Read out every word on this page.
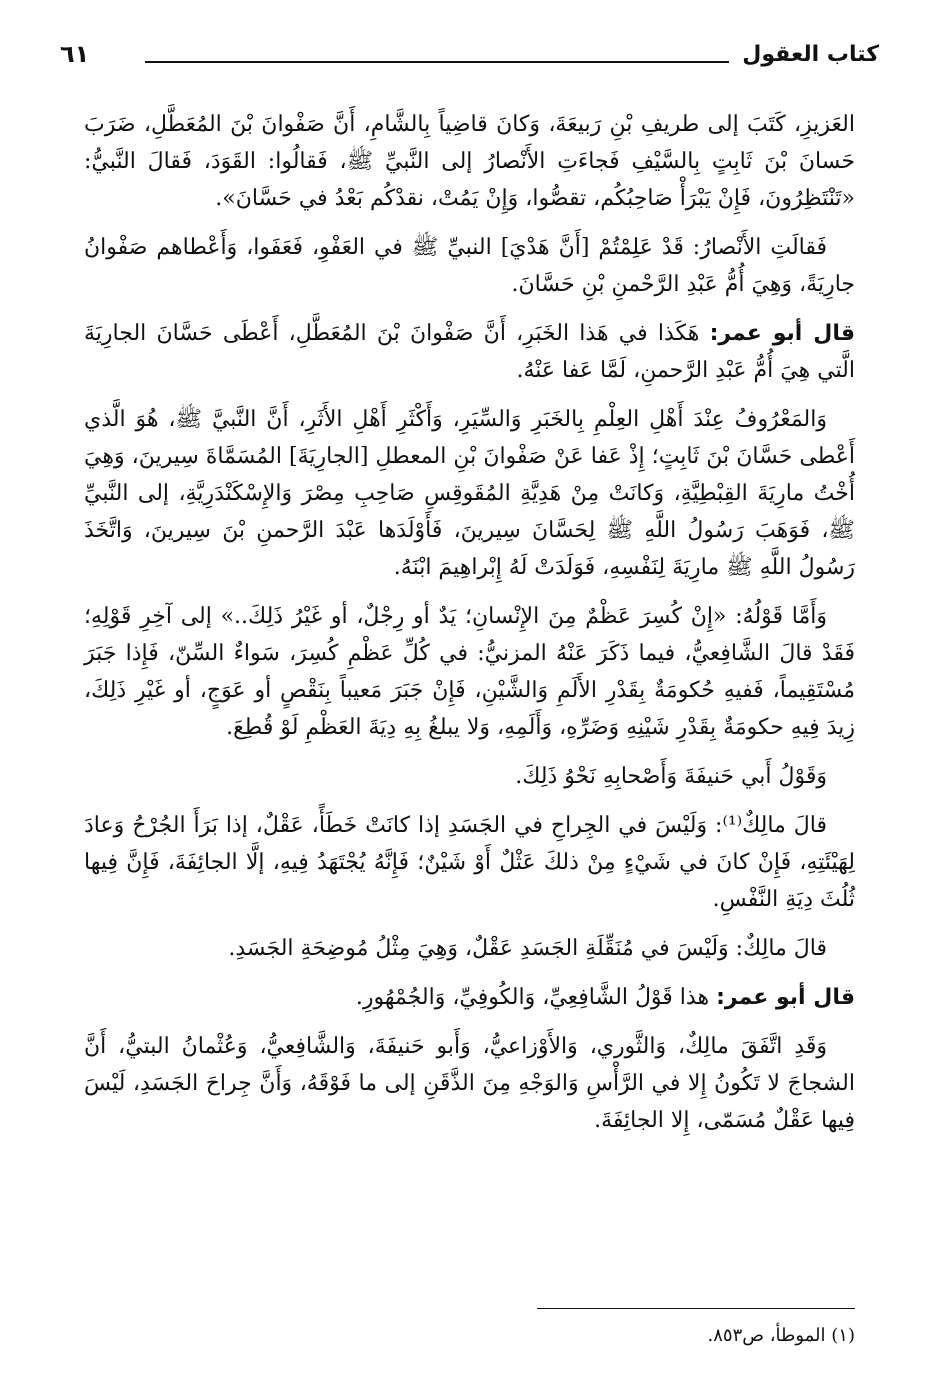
كتاب العقول
٦١

العَزيزِ، كَتَبَ إلى طريفِ بْنِ رَبيعَةَ، وَكانَ قاضِياً بِالشَّامِ، أَنَّ صَفْوانَ بْنَ المُعَطَّلِ، ضَرَبَ حَسانَ بْنَ ثَابِتٍ بِالسَّيْفِ فَجاءَتِ الأَنْصارُ إلى النَّبيِّ ﷺ، فَقالُوا: القَوَدَ، فَقالَ النَّبيُّ: «تَنْتَظِرُونَ، فَإِنْ يَبْرَأْ صَاحِبُكُم، تقصُّوا، وَإِنْ يَمُتْ، نقدْكُم بَعْدُ في حَسَّانَ».

فَقالَتِ الأَنْصارُ: قَدْ عَلِمْتُمْ [أَنَّ هَدْيَ] النبيِّ ﷺ في العَفْوِ، فَعَفَوا، وَأَعْطاهم صَفْوانُ جارِيَةً، وَهِيَ أُمُّ عَبْدِ الرَّحْمنِ بْنِ حَسَّانَ.

قال أبو عمر: هَكَذا في هَذا الخَبَرِ، أَنَّ صَفْوانَ بْنَ المُعَطَّلِ، أَعْطَى حَسَّانَ الجارِيَةَ الَّتي هِيَ أُمُّ عَبْدِ الرَّحمنِ، لَمَّا عَفا عَنْهُ.

وَالمَعْرُوفُ عِنْدَ أَهْلِ العِلْمِ بِالخَبَرِ وَالسِّيَرِ، وَأَكْثَرِ أَهْلِ الأَثَرِ، أَنَّ النَّبيَّ ﷺ، هُوَ الَّذي أَعْطى حَسَّانَ بْنَ ثَابِتٍ؛ إِذْ عَفا عَنْ صَفْوانَ بْنِ المعطلِ [الجارِيَةَ] المُسَمَّاةَ سِيرينَ، وَهِيَ أُخْتُ مارِيَةَ القِبْطِيَّةِ، وَكانَتْ مِنْ هَدِيَّةِ المُقَوقِسِ صَاحِبِ مِصْرَ وَالإِسْكَنْدَرِيَّةِ، إلى النَّبيِّ ﷺ، فَوَهَبَ رَسُولُ اللَّهِ ﷺ لِحَسَّانَ سِيرينَ، فَأَوْلَدَها عَبْدَ الرَّحمنِ بْنَ سِيرينَ، وَاتَّخَذَ رَسُولُ اللَّهِ ﷺ مارِيَةَ لِنَفْسِهِ، فَوَلَدَتْ لَهُ إِبْراهِيمَ ابْنَهُ.

وَأَمَّا قَوْلُهُ: «إِنْ كُسِرَ عَظْمٌ مِنَ الإِنْسانِ؛ يَدٌ أو رِجْلٌ، أو غَيْرُ ذَلِكَ..» إلى آخِرِ قَوْلِهِ؛ فَقَدْ قالَ الشَّافِعيُّ، فيما ذَكَرَ عَنْهُ المزنيُّ: في كُلِّ عَظْمِ كُسِرَ، سَواءٌ السِّنّ، فَإِذا جَبَرَ مُسْتَقِيماً، فَفيهِ حُكومَةٌ بِقَدْرِ الأَلَمِ وَالشَّيْنِ، فَإِنْ جَبَرَ مَعيباً بِنَقْصٍ أو عَوَجٍ، أو غَيْرِ ذَلِكَ، زِيدَ فِيهِ حكومَةٌ بِقَدْرِ شَيْنِهِ وَضَرِّهِ، وَأَلَمِهِ، وَلا يبلغُ بِهِ دِيَةَ العَظْمِ لَوْ قُطِعَ.

وَقَوْلُ أَبي حَنيفَةَ وَأَصْحابِهِ نَحْوُ ذَلِكَ.

قالَ مالِكٌ⁽¹⁾: وَلَيْسَ في الجِراحِ في الجَسَدِ إذا كانَتْ خَطَأً، عَقْلٌ، إذا بَرَأَ الجُرْحُ وَعادَ لِهَيْئَتِهِ، فَإِنْ كانَ في شَيْءٍ مِنْ ذلكَ عَثْلٌ أَوْ شَيْنٌ؛ فَإِنَّهُ يُجْتَهَدُ فِيهِ، إلَّا الجائِفَةَ، فَإِنَّ فِيها ثُلُثَ دِيَةِ النَّفْسِ.

قالَ مالِكٌ: وَلَيْسَ في مُنَقِّلَةِ الجَسَدِ عَقْلٌ، وَهِيَ مِثْلُ مُوضِحَةِ الجَسَدِ.

قال أبو عمر: هذا قَوْلُ الشَّافِعِيِّ، وَالكُوفِيِّ، وَالجُمْهُورِ.

وَقَدِ اتَّفَقَ مالِكٌ، وَالثَّوري، وَالأَوْزاعيُّ، وَأَبو حَنيفَةَ، وَالشَّافِعيُّ، وَعُثْمانُ البتيُّ، أَنَّ الشجاجَ لا تَكُونُ إِلا في الرَّأْسِ وَالوَجْهِ مِنَ الذَّقَنِ إلى ما فَوْقَهُ، وَأَنَّ جِراحَ الجَسَدِ، لَيْسَ فِيها عَقْلٌ مُسَمّى، إِلا الجائِفَةَ.

(١) الموطأ، ص٨٥٣.
